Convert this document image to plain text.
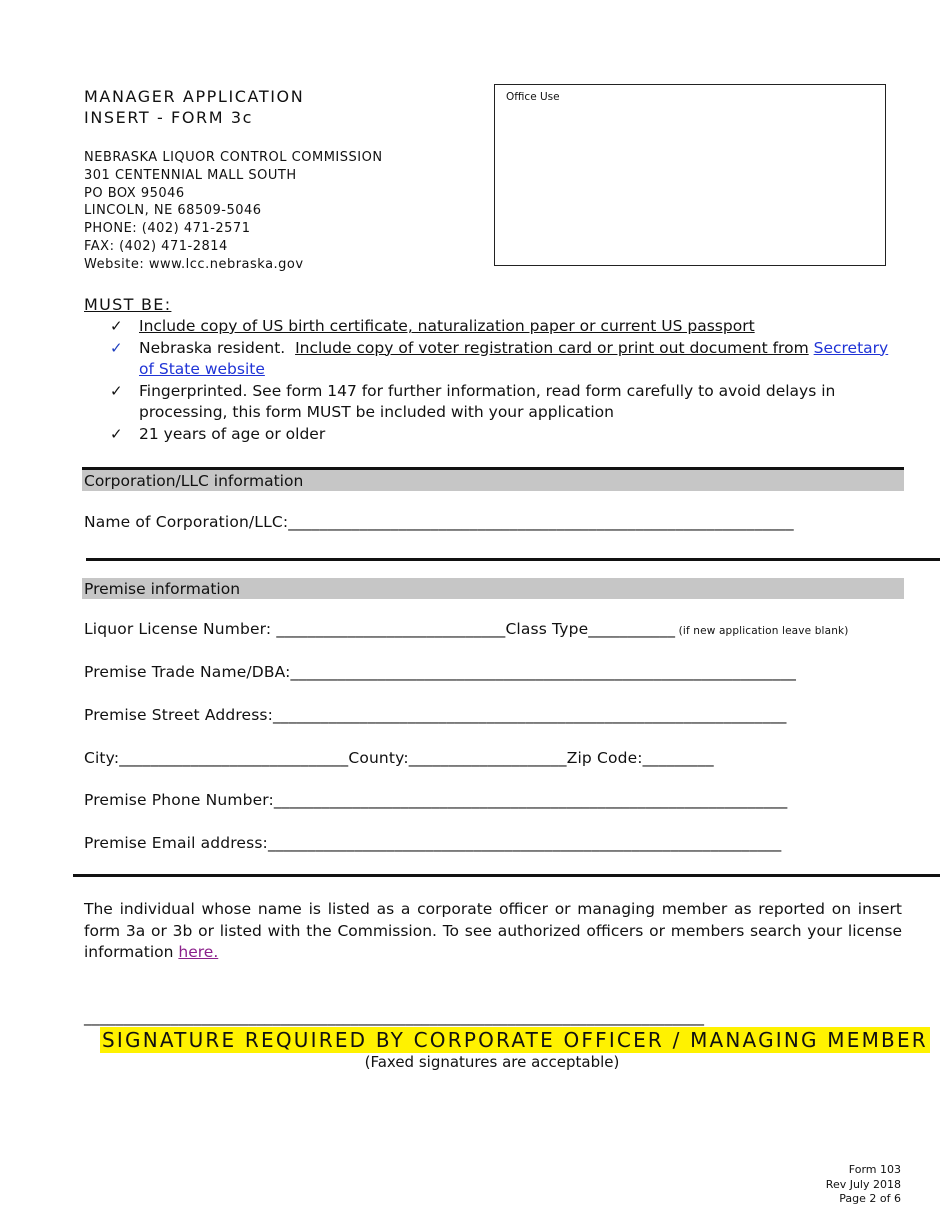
MANAGER APPLICATION
INSERT - FORM 3c
NEBRASKA LIQUOR CONTROL COMMISSION
301 CENTENNIAL MALL SOUTH
PO BOX 95046
LINCOLN, NE 68509-5046
PHONE: (402) 471-2571
FAX: (402) 471-2814
Website: www.lcc.nebraska.gov
Office Use
MUST BE:
✓ Include copy of US birth certificate, naturalization paper or current US passport
✓ Nebraska resident. Include copy of voter registration card or print out document from Secretary of State website
✓ Fingerprinted. See form 147 for further information, read form carefully to avoid delays in processing, this form MUST be included with your application
✓ 21 years of age or older
Corporation/LLC information
Name of Corporation/LLC:________________________________________________________________
Premise information
Liquor License Number: _____________________________Class Type___________ (if new application leave blank)
Premise Trade Name/DBA:________________________________________________________________
Premise Street Address:_________________________________________________________________
City:_____________________________County:____________________Zip Code:_________
Premise Phone Number:_________________________________________________________________
Premise Email address:_________________________________________________________________
The individual whose name is listed as a corporate officer or managing member as reported on insert form 3a or 3b or listed with the Commission. To see authorized officers or members search your license information here.
_______________________________________________________________________________
SIGNATURE REQUIRED BY CORPORATE OFFICER / MANAGING MEMBER
(Faxed signatures are acceptable)
Form 103
Rev July 2018
Page 2 of 6
